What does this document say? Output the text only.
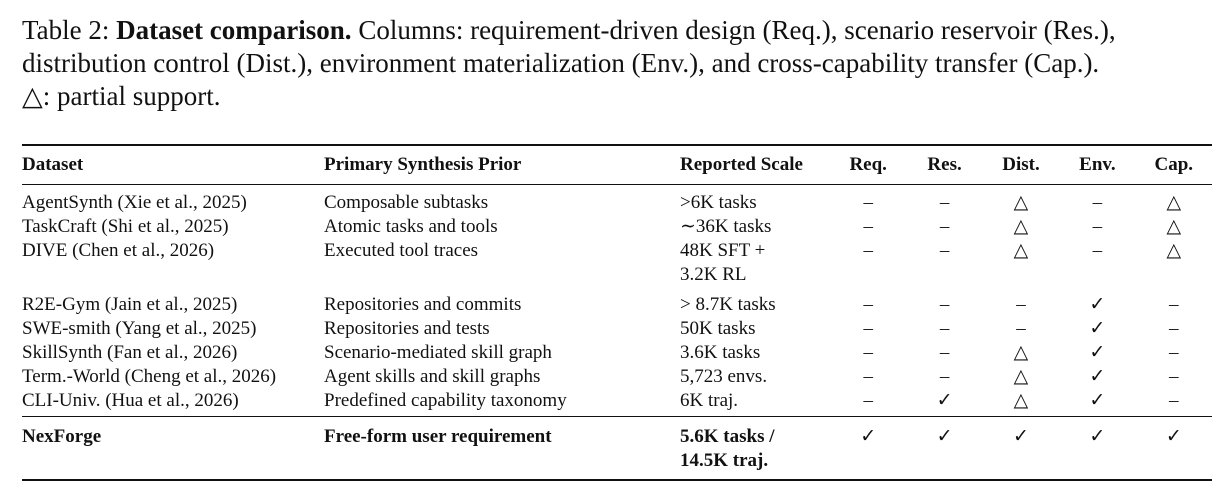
Table 2: Dataset comparison. Columns: requirement-driven design (Req.), scenario reservoir (Res.), distribution control (Dist.), environment materialization (Env.), and cross-capability transfer (Cap.).
△: partial support.

Dataset	Primary Synthesis Prior	Reported Scale	Req.	Res.	Dist.	Env.	Cap.
AgentSynth (Xie et al., 2025)	Composable subtasks	>6K tasks	–	–	△	–	△
TaskCraft (Shi et al., 2025)	Atomic tasks and tools	∼36K tasks	–	–	△	–	△
DIVE (Chen et al., 2026)	Executed tool traces	48K SFT +
3.2K RL	–	–	△	–	△
R2E-Gym (Jain et al., 2025)	Repositories and commits	> 8.7K tasks	–	–	–	✓	–
SWE-smith (Yang et al., 2025)	Repositories and tests	50K tasks	–	–	–	✓	–
SkillSynth (Fan et al., 2026)	Scenario-mediated skill graph	3.6K tasks	–	–	△	✓	–
Term.-World (Cheng et al., 2026)	Agent skills and skill graphs	5,723 envs.	–	–	△	✓	–
CLI-Univ. (Hua et al., 2026)	Predefined capability taxonomy	6K traj.	–	✓	△	✓	–
NexForge	Free-form user requirement	5.6K tasks /
14.5K traj.	✓	✓	✓	✓	✓
